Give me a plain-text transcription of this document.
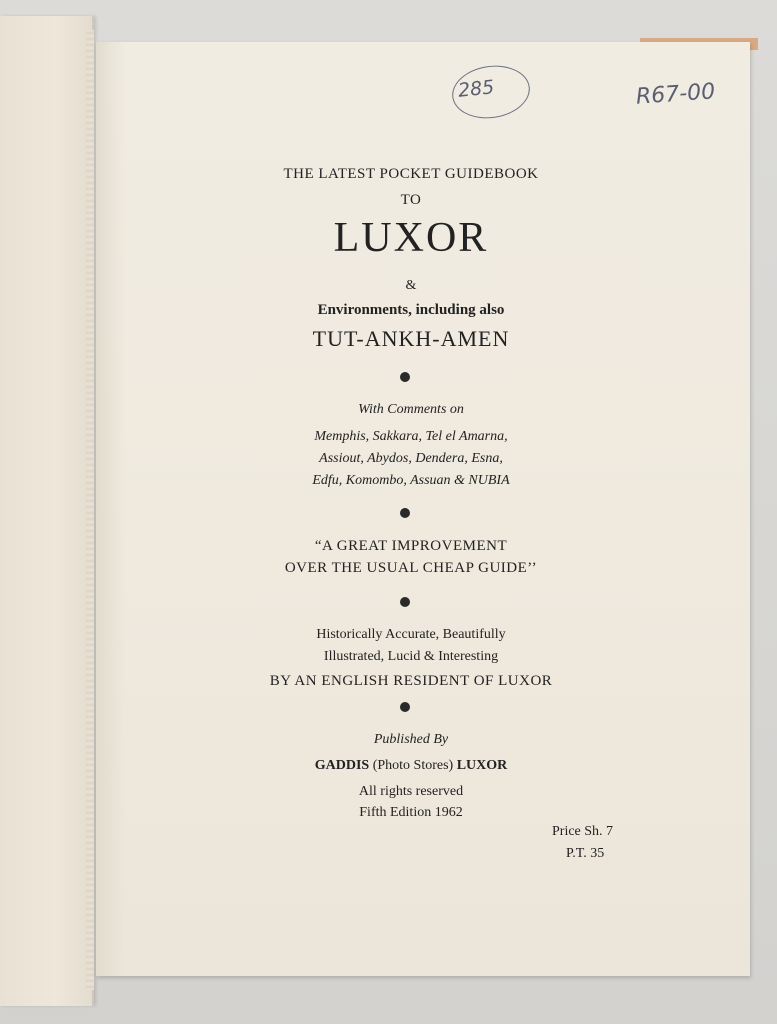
285	R67-00
THE LATEST POCKET GUIDEBOOK
TO
LUXOR
&
Environments, including also
TUT-ANKH-AMEN
With Comments on
Memphis, Sakkara, Tel el Amarna,
Assiout, Abydos, Dendera, Esna,
Edfu, Komombo, Assuan & NUBIA
“A GREAT IMPROVEMENT
OVER THE USUAL CHEAP GUIDE’’
Historically Accurate, Beautifully
Illustrated, Lucid & Interesting
BY AN ENGLISH RESIDENT OF LUXOR
Published By
GADDIS (Photo Stores) LUXOR
All rights reserved
Fifth Edition 1962
Price Sh. 7
P.T. 35
